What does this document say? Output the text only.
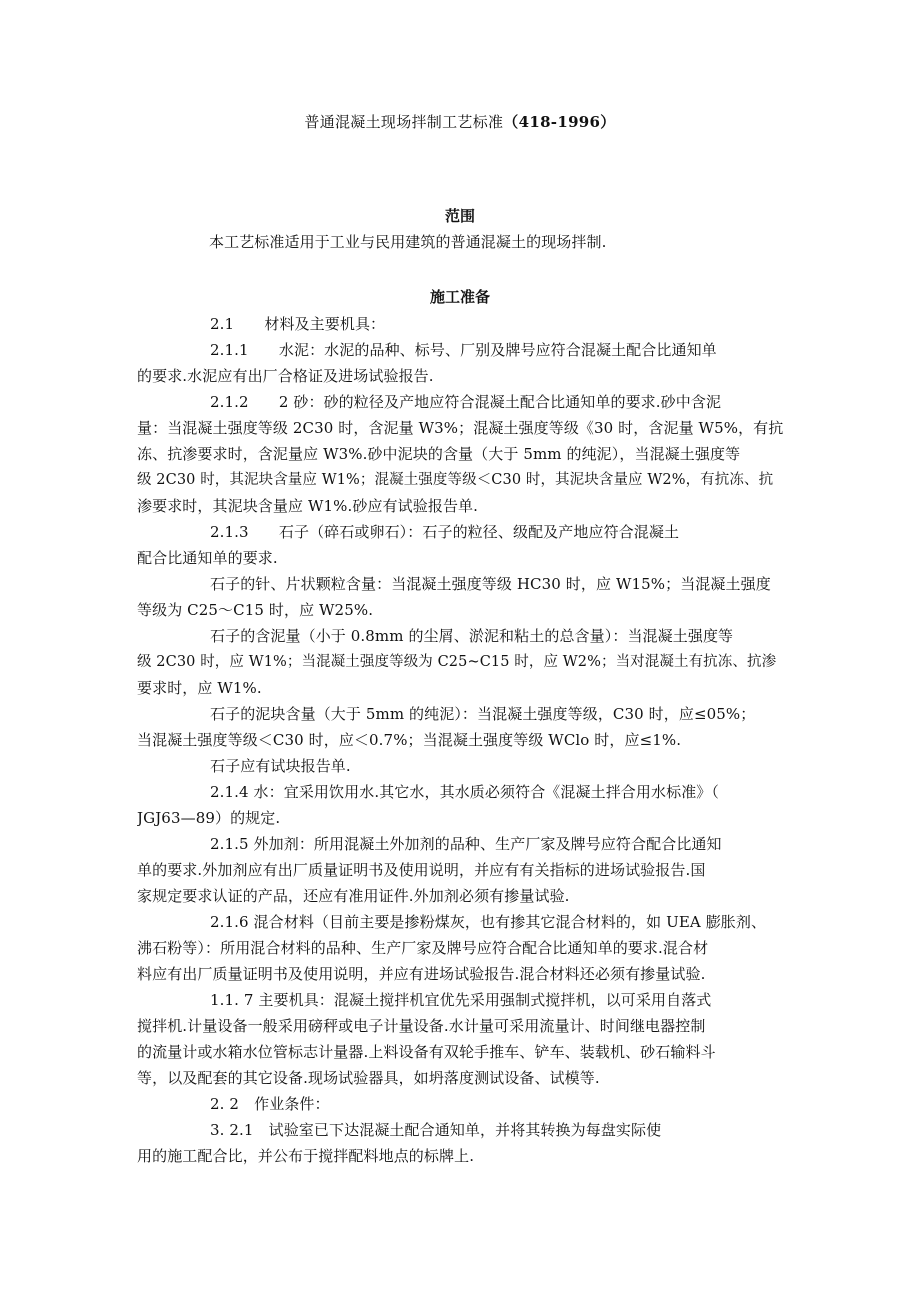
普通混凝土现场拌制工艺标准（418-1996）
范围
本工艺标准适用于工业与民用建筑的普通混凝土的现场拌制.
施工准备
2.1　　材料及主要机具：
2.1.1　　水泥：水泥的品种、标号、厂别及牌号应符合混凝土配合比通知单
的要求.水泥应有出厂合格证及进场试验报告.
2.1.2　　2 砂：砂的粒径及产地应符合混凝土配合比通知单的要求.砂中含泥
量：当混凝土强度等级 2C30 时，含泥量 W3%；混凝土强度等级《30 时，含泥量 W5%，有抗
冻、抗渗要求时，含泥量应 W3%.砂中泥块的含量（大于 5mm 的纯泥），当混凝土强度等
级 2C30 时，其泥块含量应 W1%；混凝土强度等级＜C30 时，其泥块含量应 W2%，有抗冻、抗
渗要求时，其泥块含量应 W1%.砂应有试验报告单.
2.1.3　　石子（碎石或卵石）：石子的粒径、级配及产地应符合混凝土
配合比通知单的要求.
石子的针、片状颗粒含量：当混凝土强度等级 HC30 时，应 W15%；当混凝土强度
等级为 C25～C15 时，应 W25%.
石子的含泥量（小于 0.8mm 的尘屑、淤泥和粘土的总含量）：当混凝土强度等
级 2C30 时，应 W1%；当混凝土强度等级为 C25~C15 时，应 W2%；当对混凝土有抗冻、抗渗
要求时，应 W1%.
石子的泥块含量（大于 5mm 的纯泥）：当混凝土强度等级，C30 时，应≤05%；
当混凝土强度等级＜C30 时，应＜0.7%；当混凝土强度等级 WClo 时，应≤1%.
石子应有试块报告单.
2.1.4 水：宜采用饮用水.其它水，其水质必须符合《混凝土拌合用水标准》（
JGJ63—89）的规定.
2.1.5 外加剂：所用混凝土外加剂的品种、生产厂家及牌号应符合配合比通知
单的要求.外加剂应有出厂质量证明书及使用说明，并应有有关指标的进场试验报告.国
家规定要求认证的产品，还应有准用证件.外加剂必须有掺量试验.
2.1.6 混合材料（目前主要是掺粉煤灰，也有掺其它混合材料的，如 UEA 膨胀剂、
沸石粉等）：所用混合材料的品种、生产厂家及牌号应符合配合比通知单的要求.混合材
料应有出厂质量证明书及使用说明，并应有进场试验报告.混合材料还必须有掺量试验.
1.1. 7 主要机具：混凝土搅拌机宜优先采用强制式搅拌机，以可采用自落式
搅拌机.计量设备一般采用磅秤或电子计量设备.水计量可采用流量计、时间继电器控制
的流量计或水箱水位管标志计量器.上料设备有双轮手推车、铲车、装载机、砂石输料斗
等，以及配套的其它设备.现场试验器具，如坍落度测试设备、试模等.
2. 2　作业条件：
3. 2.1　试验室已下达混凝土配合通知单，并将其转换为每盘实际使
用的施工配合比，并公布于搅拌配料地点的标牌上.
